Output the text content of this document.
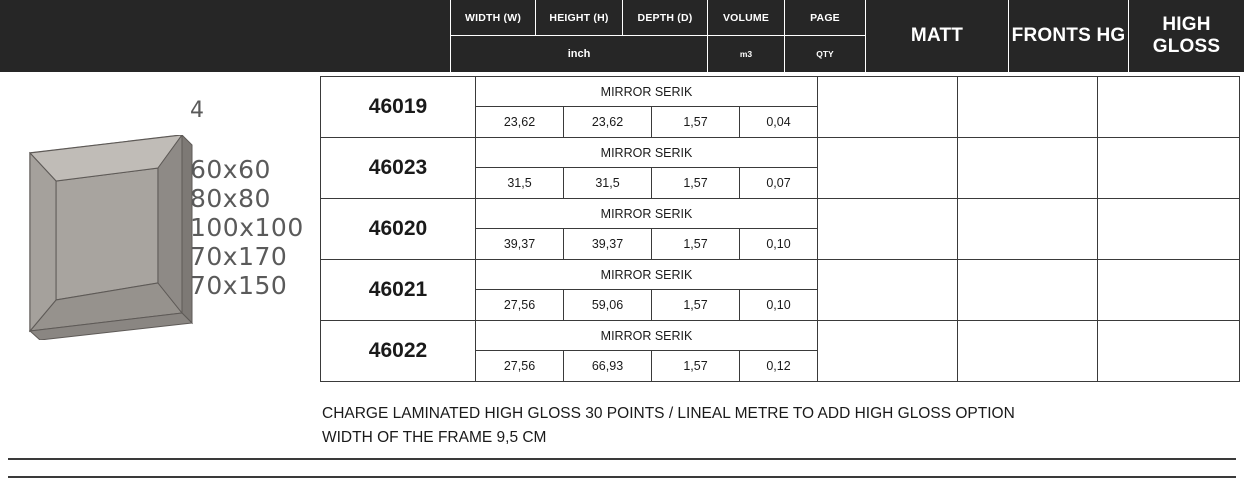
WIDTH (W)	HEIGHT (H)	DEPTH (D)	VOLUME	PAGE
inch	m3	QTY
MATT	FRONTS HG
HIGH GLOSS
4
60x60
80x80
100x100
70x170
70x150
46019	MIRROR SERIK						
	23,62	23,62	1,57	0,04			
46023	MIRROR SERIK						
	31,5	31,5	1,57	0,07			
46020	MIRROR SERIK						
	39,37	39,37	1,57	0,10			
46021	MIRROR SERIK						
	27,56	59,06	1,57	0,10			
46022	MIRROR SERIK						
	27,56	66,93	1,57	0,12			
CHARGE LAMINATED HIGH GLOSS 30 POINTS / LINEAL METRE TO ADD HIGH GLOSS OPTION
WIDTH OF THE FRAME 9,5 CM
